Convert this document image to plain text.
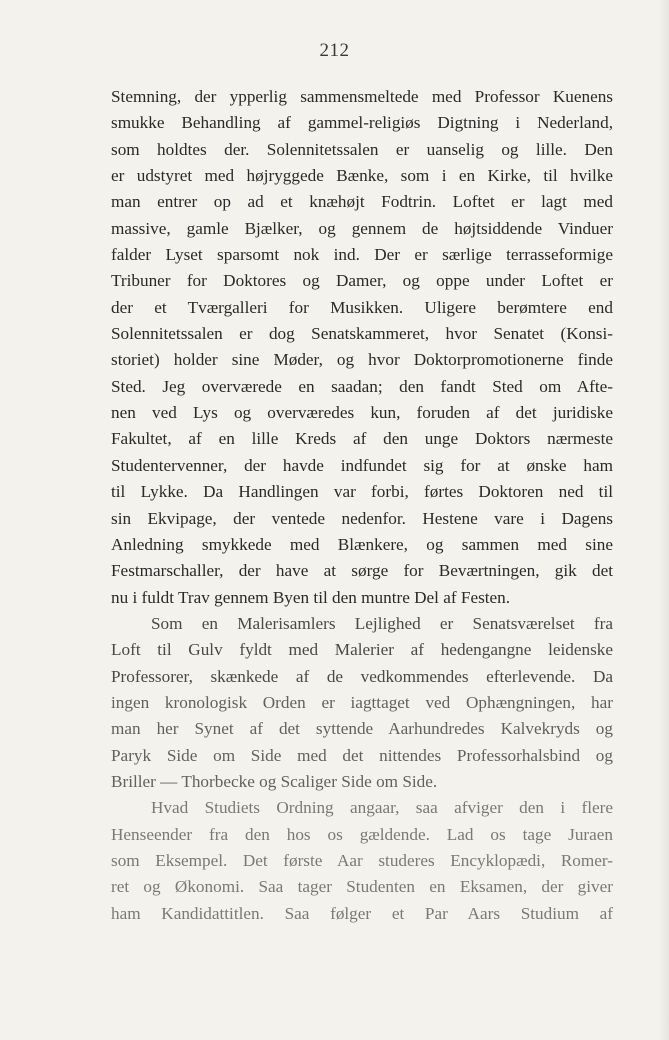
212
Stemning, der ypperlig sammensmeltede med Professor Kuenens
smukke Behandling af gammel-religiøs Digtning i Nederland,
som holdtes der. Solennitetssalen er uanselig og lille. Den
er udstyret med højryggede Bænke, som i en Kirke, til hvilke
man entrer op ad et knæhøjt Fodtrin. Loftet er lagt med
massive, gamle Bjælker, og gennem de højtsiddende Vinduer
falder Lyset sparsomt nok ind. Der er særlige terrasseformige
Tribuner for Doktores og Damer, og oppe under Loftet er
der et Tværgalleri for Musikken. Uligere berømtere end
Solennitetssalen er dog Senatskammeret, hvor Senatet (Konsi-
storiet) holder sine Møder, og hvor Doktorpromotionerne finde
Sted. Jeg overværede en saadan; den fandt Sted om Afte-
nen ved Lys og overværedes kun, foruden af det juridiske
Fakultet, af en lille Kreds af den unge Doktors nærmeste
Studentervenner, der havde indfundet sig for at ønske ham
til Lykke. Da Handlingen var forbi, førtes Doktoren ned til
sin Ekvipage, der ventede nedenfor. Hestene vare i Dagens
Anledning smykkede med Blænkere, og sammen med sine
Festmarschaller, der have at sørge for Beværtningen, gik det
nu i fuldt Trav gennem Byen til den muntre Del af Festen.
Som en Malerisamlers Lejlighed er Senatsværelset fra
Loft til Gulv fyldt med Malerier af hedengangne leidenske
Professorer, skænkede af de vedkommendes efterlevende. Da
ingen kronologisk Orden er iagttaget ved Ophængningen, har
man her Synet af det syttende Aarhundredes Kalvekryds og
Paryk Side om Side med det nittendes Professorhalsbind og
Briller — Thorbecke og Scaliger Side om Side.
Hvad Studiets Ordning angaar, saa afviger den i flere
Henseender fra den hos os gældende. Lad os tage Juraen
som Eksempel. Det første Aar studeres Encyklopædi, Romer-
ret og Økonomi. Saa tager Studenten en Eksamen, der giver
ham Kandidattitlen. Saa følger et Par Aars Studium af
